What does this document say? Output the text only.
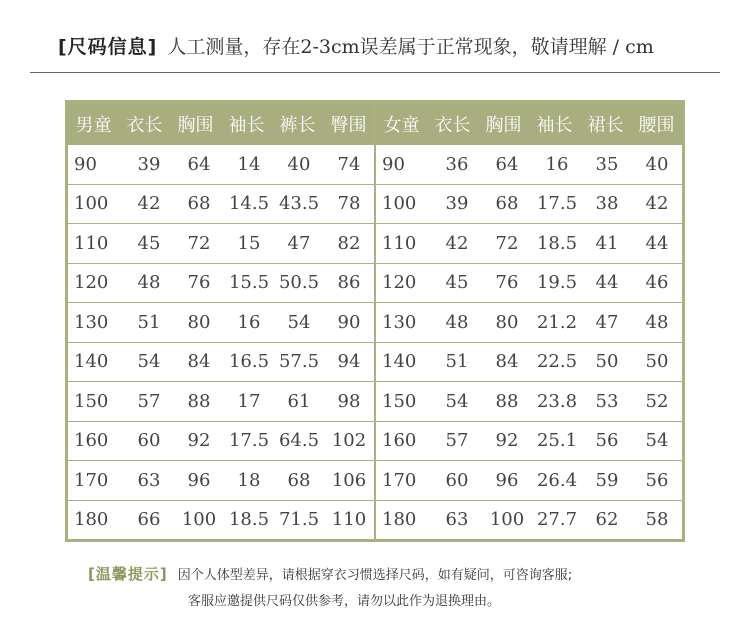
[尺码信息] 人工测量，存在2-3cm误差属于正常现象，敬请理解 / cm
男童 衣长 胸围 袖长 裤长 臀围
90	39	64	14	40	74
100	42	68	14.5 43.5	78
110	45	72	15	47	82
120	48	76	15.5 50.5	86
130	51	80	16	54	90
140	54	84	16.5 57.5	94
150	57	88	17	61	98
160	60	92	17.5 64.5 102
170	63	96	18	68	106
180	66	100 18.5 71.5 110
女童 衣长 胸围 袖长 裙长 腰围
90	36	64	16	35	40
100	39	68	17.5	38	42
110	42	72	18.5	41	44
120	45	76	19.5	44	46
130	48	80	21.2	47	48
140	51	84	22.5	50	50
150	54	88	23.8	53	52
160	57	92	25.1	56	54
170	60	96	26.4	59	56
180	63	100 27.7	62	58
[温馨提示] 因个人体型差异，请根据穿衣习惯选择尺码，如有疑问，可咨询客服;
客服应邀提供尺码仅供参考，请勿以此作为退换理由。
